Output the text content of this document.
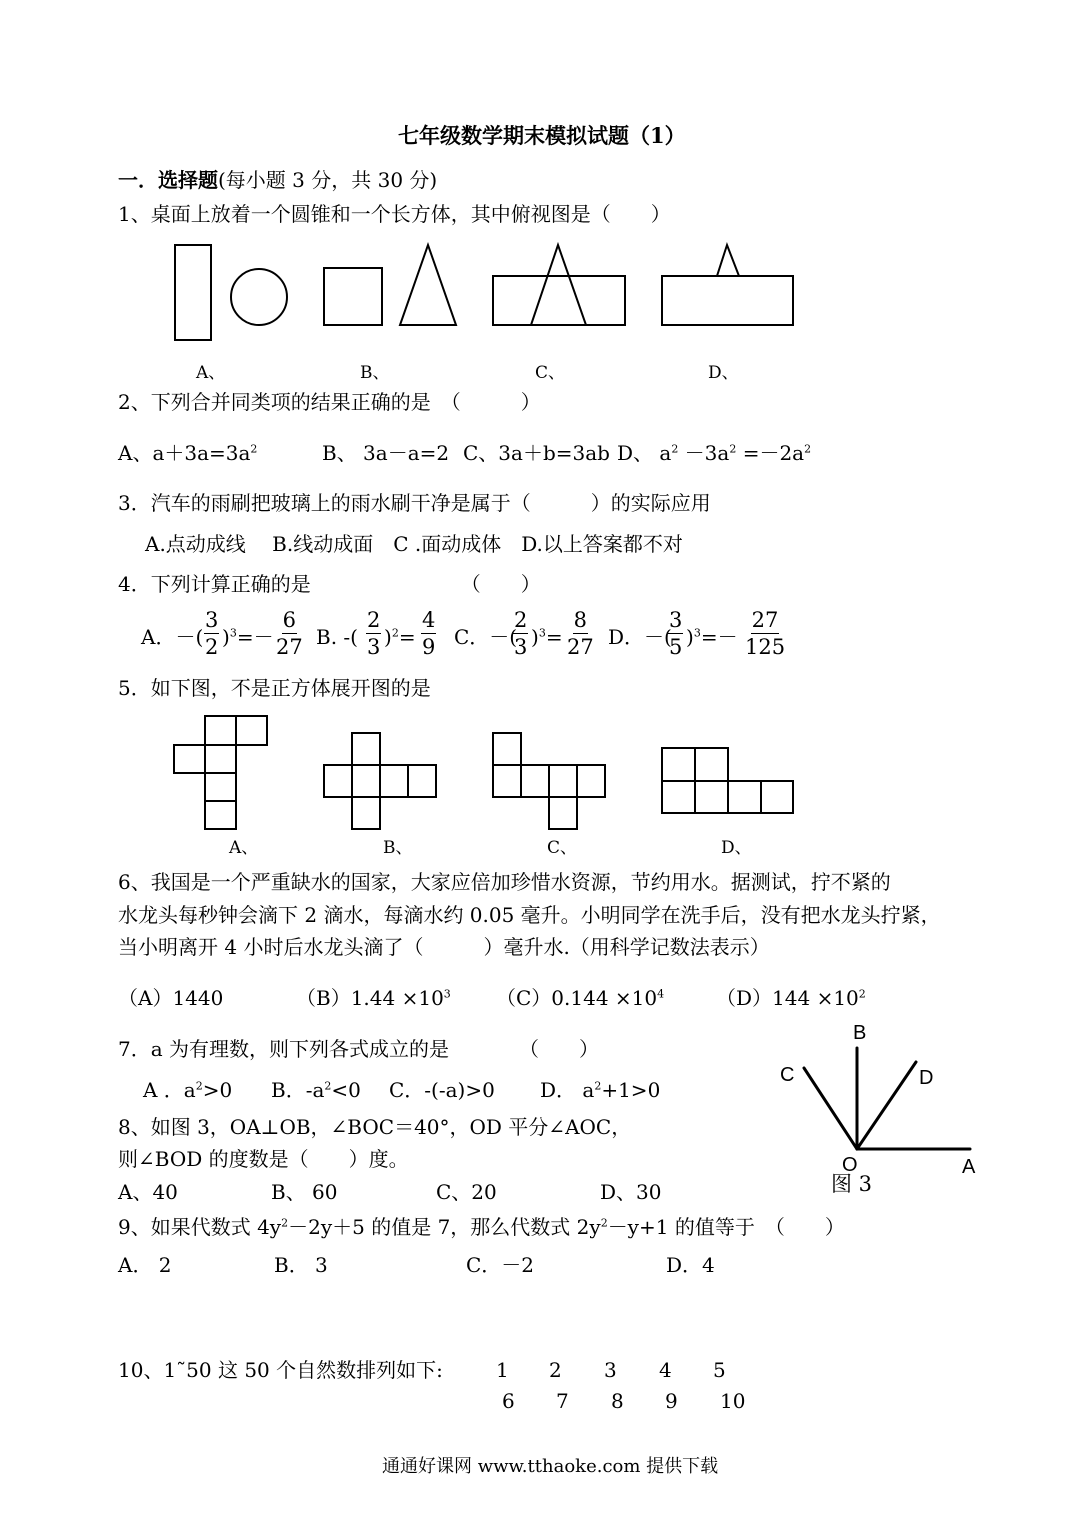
七年级数学期末模拟试题（1）
一．选择题(每小题 3 分，共 30 分)
1、桌面上放着一个圆锥和一个长方体，其中俯视图是（　　）
A、	B、	C、	D、
2、下列合并同类项的结果正确的是　（　　　）
A、$a+3a=3a^2$	B、 3a－a=2 C、3a＋b=3ab D、 $a^2 -3a^2 =-2a^2$
3．汽车的雨刷把玻璃上的雨水刷干净是属于（　　　）的实际应用
A.点动成线　 B.线动成面　C .面动成体　D.以上答案都不对
4．下列计算正确的是　　　　　　　　（　　）
A．－( $\frac{3}{2} )^3=- \frac{6}{27} B$. -( $\frac{2}{3} )^2= \frac{4}{9}$ C．－(
$\frac{2}{3} )^3= \frac{8}{27}$ D．－(
$\frac{3}{5} )^3=- \frac{27}{125}$
5．如下图，不是正方体展开图的是
A、	B、	C、	D、
6、我国是一个严重缺水的国家，大家应倍加珍惜水资源，节约用水。据测试，拧不紧的
水龙头每秒钟会滴下 2 滴水，每滴水约 0.05 毫升。小明同学在洗手后，没有把水龙头拧紧，
当小明离开 4 小时后水龙头滴了（　　　）毫升水.（用科学记数法表示）
（A）1440	$(B)1.44 \times 10^3$ $(C)0.144 \times 10^4$	$(D)144 \times 10^2$
7．a 为有理数，则下列各式成立的是　　　　（　　）
A ．$a^2>0$ B．$-a^2<0$ C．-(-a)>0 D． $a^2+1>0$
8、如图 3，OA⊥OB，∠BOC＝40°，OD 平分∠AOC，
则∠BOD 的度数是（　　）度。
A、40	B、 60	C、20	D、30
B
C	D
O	A
图 3
9、如果代数式 $4y^2-2y+5$ 的值是 7，那么代数式 $2y^2-y+1$ 的值等于　（　　）
A． 2	B． 3	C．－2	D．4
10、1˜50 这 50 个自然数排列如下:	1 2 3 4 5
6 7 8 9 10
通通好课网 www.tthaoke.com 提供下载
